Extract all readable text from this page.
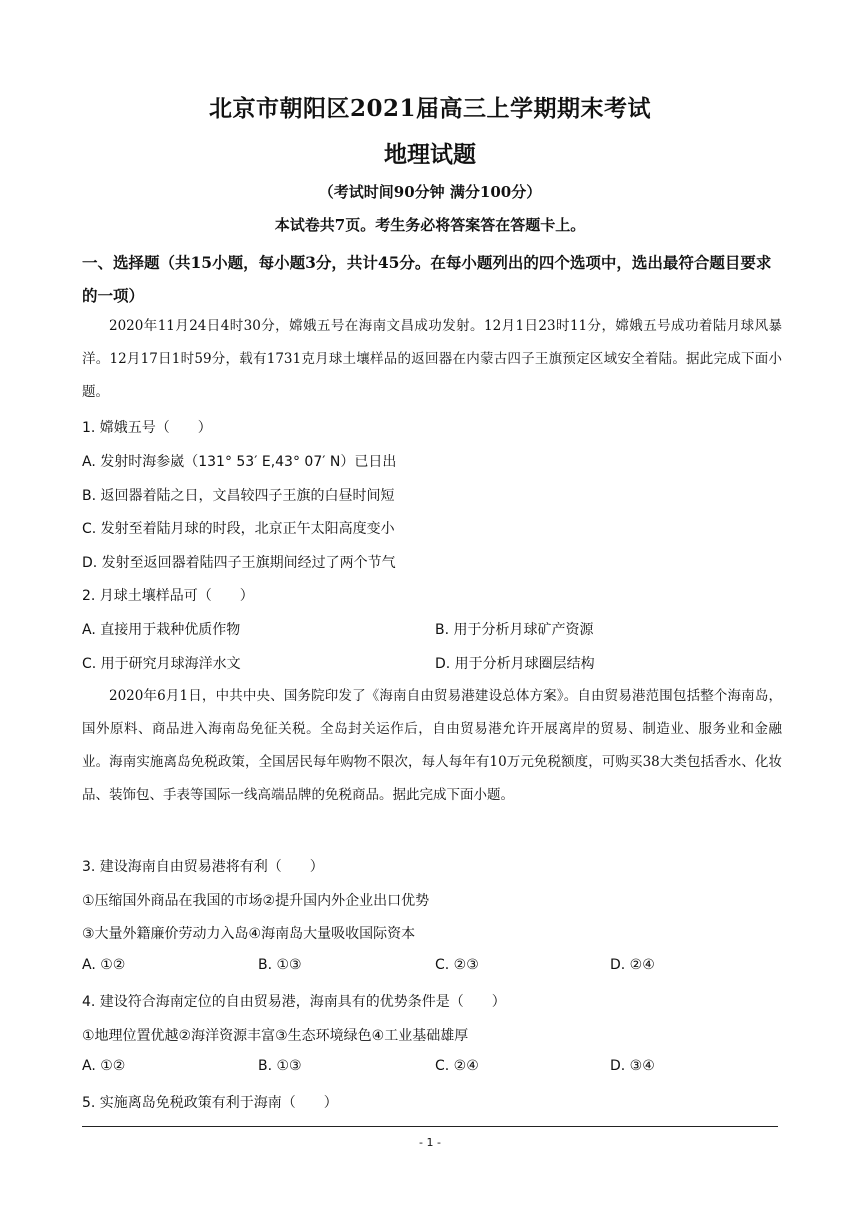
北京市朝阳区2021届高三上学期期末考试
地理试题
（考试时间90分钟 满分100分）
本试卷共7页。考生务必将答案答在答题卡上。
一、选择题（共15小题，每小题3分，共计45分。在每小题列出的四个选项中，选出最符合题目要求的一项）
2020年11月24日4时30分，嫦娥五号在海南文昌成功发射。12月1日23时11分，嫦娥五号成功着陆月球风暴洋。12月17日1时59分，载有1731克月球土壤样品的返回器在内蒙古四子王旗预定区域安全着陆。据此完成下面小题。
1. 嫦娥五号（　　）
A. 发射时海参崴（131° 53′ E,43° 07′ N）已日出
B. 返回器着陆之日，文昌较四子王旗的白昼时间短
C. 发射至着陆月球的时段，北京正午太阳高度变小
D. 发射至返回器着陆四子王旗期间经过了两个节气
2. 月球土壤样品可（　　）
A. 直接用于栽种优质作物	B. 用于分析月球矿产资源
C. 用于研究月球海洋水文	D. 用于分析月球圈层结构
2020年6月1日，中共中央、国务院印发了《海南自由贸易港建设总体方案》。自由贸易港范围包括整个海南岛，国外原料、商品进入海南岛免征关税。全岛封关运作后，自由贸易港允许开展离岸的贸易、制造业、服务业和金融业。海南实施离岛免税政策，全国居民每年购物不限次，每人每年有10万元免税额度，可购买38大类包括香水、化妆品、装饰包、手表等国际一线高端品牌的免税商品。据此完成下面小题。
3. 建设海南自由贸易港将有利（　　）
①压缩国外商品在我国的市场②提升国内外企业出口优势
③大量外籍廉价劳动力入岛④海南岛大量吸收国际资本
A. ①②	B. ①③	C. ②③	D. ②④
4. 建设符合海南定位的自由贸易港，海南具有的优势条件是（　　）
①地理位置优越②海洋资源丰富③生态环境绿色④工业基础雄厚
A. ①②	B. ①③	C. ②④	D. ③④
5. 实施离岛免税政策有利于海南（　　）
- 1 -
